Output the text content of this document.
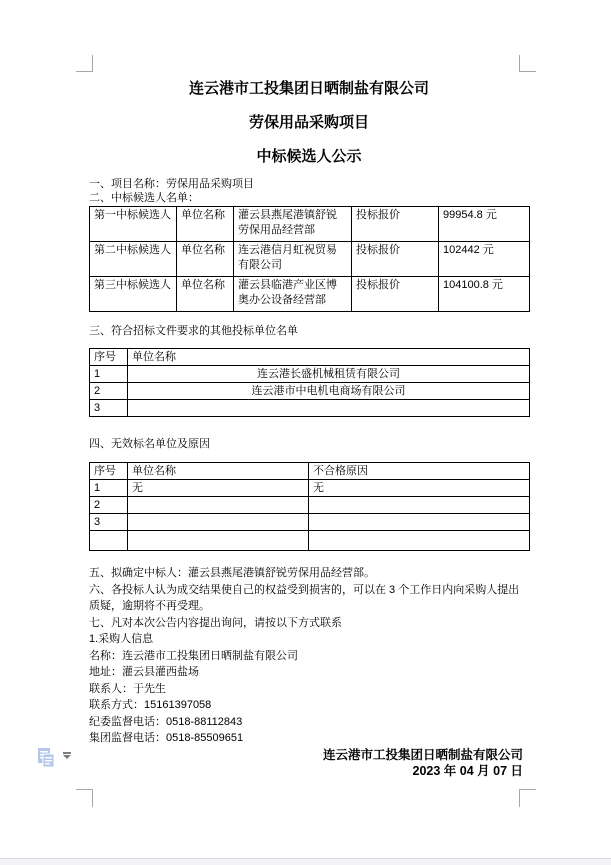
连云港市工投集团日晒制盐有限公司
劳保用品采购项目
中标候选人公示
一、项目名称：劳保用品采购项目
二、中标候选人名单：
第一中标候选人	单位名称	灌云县燕尾港镇舒锐劳保用品经营部	投标报价	99954.8 元
第二中标候选人	单位名称	连云港信月虹祝贸易有限公司	投标报价	102442 元
第三中标候选人	单位名称	灌云县临港产业区博奥办公设备经营部	投标报价	104100.8 元
三、符合招标文件要求的其他投标单位名单
序号	单位名称
1	连云港长盛机械租赁有限公司
2	连云港市中电机电商场有限公司
3	
四、无效标名单位及原因
序号	单位名称	不合格原因
1	无	无
2		
3		

五、拟确定中标人：灌云县燕尾港镇舒锐劳保用品经营部。
六、各投标人认为成交结果使自己的权益受到损害的，可以在 3 个工作日内向采购人提出质疑，逾期将不再受理。
七、凡对本次公告内容提出询问，请按以下方式联系
1.采购人信息
名称：连云港市工投集团日晒制盐有限公司
地址：灌云县灌西盐场
联系人：于先生
联系方式：15161397058
纪委监督电话：0518-88112843
集团监督电话：0518-85509651
连云港市工投集团日晒制盐有限公司
2023 年 04 月 07 日
